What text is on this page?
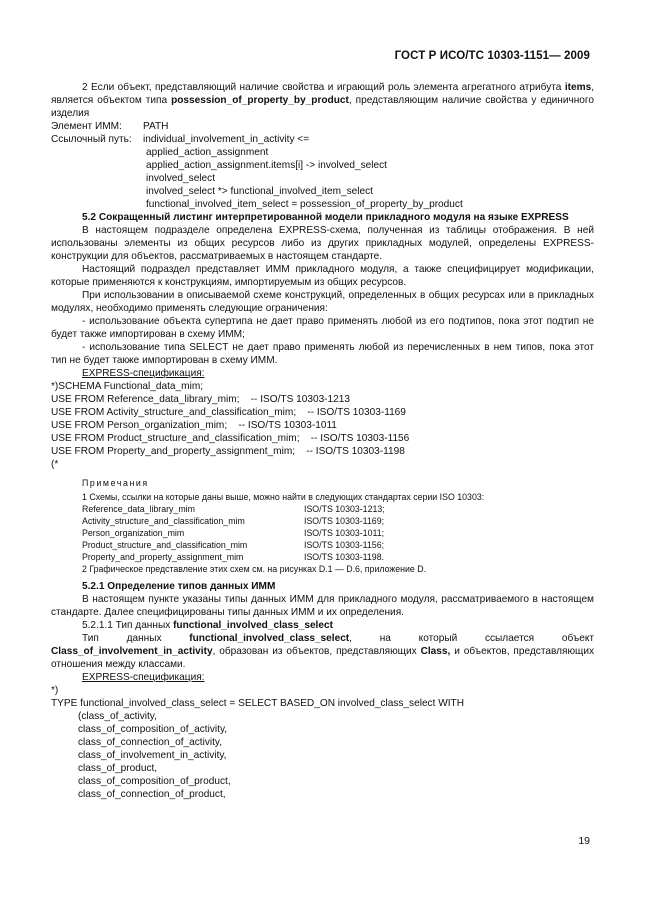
ГОСТ Р ИСО/ТС 10303-1151— 2009

2 Если объект, представляющий наличие свойства и играющий роль элемента агрегатного атрибута items, является объектом типа possession_of_property_by_product, представляющим наличие свойства у единичного изделия

Элемент ИММ:	PATH
Ссылочный путь:	individual_involvement_in_activity <=
applied_action_assignment
applied_action_assignment.items[i] -> involved_select
involved_select
involved_select *> functional_involved_item_select
functional_involved_item_select = possession_of_property_by_product

5.2 Сокращенный листинг интерпретированной модели прикладного модуля на языке EXPRESS

В настоящем подразделе определена EXPRESS-схема, полученная из таблицы отображения. В ней использованы элементы из общих ресурсов либо из других прикладных модулей, определены EXPRESS-конструкции для объектов, рассматриваемых в настоящем стандарте.

Настоящий подраздел представляет ИММ прикладного модуля, а также специфицирует модификации, которые применяются к конструкциям, импортируемым из общих ресурсов.

При использовании в описываемой схеме конструкций, определенных в общих ресурсах или в прикладных модулях, необходимо применять следующие ограничения:

- использование объекта супертипа не дает право применять любой из его подтипов, пока этот подтип не будет также импортирован в схему ИММ;

- использование типа SELECT не дает право применять любой из перечисленных в нем типов, пока этот тип не будет также импортирован в схему ИММ.

EXPRESS-спецификация:

*)SCHEMA Functional_data_mim;
USE FROM Reference_data_library_mim;    -- ISO/TS 10303-1213
USE FROM Activity_structure_and_classification_mim;    -- ISO/TS 10303-1169
USE FROM Person_organization_mim;    -- ISO/TS 10303-1011
USE FROM Product_structure_and_classification_mim;    -- ISO/TS 10303-1156
USE FROM Property_and_property_assignment_mim;    -- ISO/TS 10303-1198
(*
Примечания
1 Схемы, ссылки на которые даны выше, можно найти в следующих стандартах серии ISO 10303:
Reference_data_library_mim	ISO/TS 10303-1213;
Activity_structure_and_classification_mim	ISO/TS 10303-1169;
Person_organization_mim	ISO/TS 10303-1011;
Product_structure_and_classification_mim	ISO/TS 10303-1156;
Property_and_property_assignment_mim	ISO/TS 10303-1198.
2 Графическое представление этих схем см. на рисунках D.1 — D.6, приложение D.

5.2.1 Определение типов данных ИММ

В настоящем пункте указаны типы данных ИММ для прикладного модуля, рассматриваемого в настоящем стандарте. Далее специфицированы типы данных ИММ и их определения.

5.2.1.1 Тип данных functional_involved_class_select

Тип данных functional_involved_class_select, на который ссылается объект Class_of_involvement_in_activity, образован из объектов, представляющих Class, и объектов, представляющих отношения между классами.

EXPRESS-спецификация:

*)
TYPE functional_involved_class_select = SELECT BASED_ON involved_class_select WITH
(class_of_activity,
class_of_composition_of_activity,
class_of_connection_of_activity,
class_of_involvement_in_activity,
class_of_product,
class_of_composition_of_product,
class_of_connection_of_product,
19
